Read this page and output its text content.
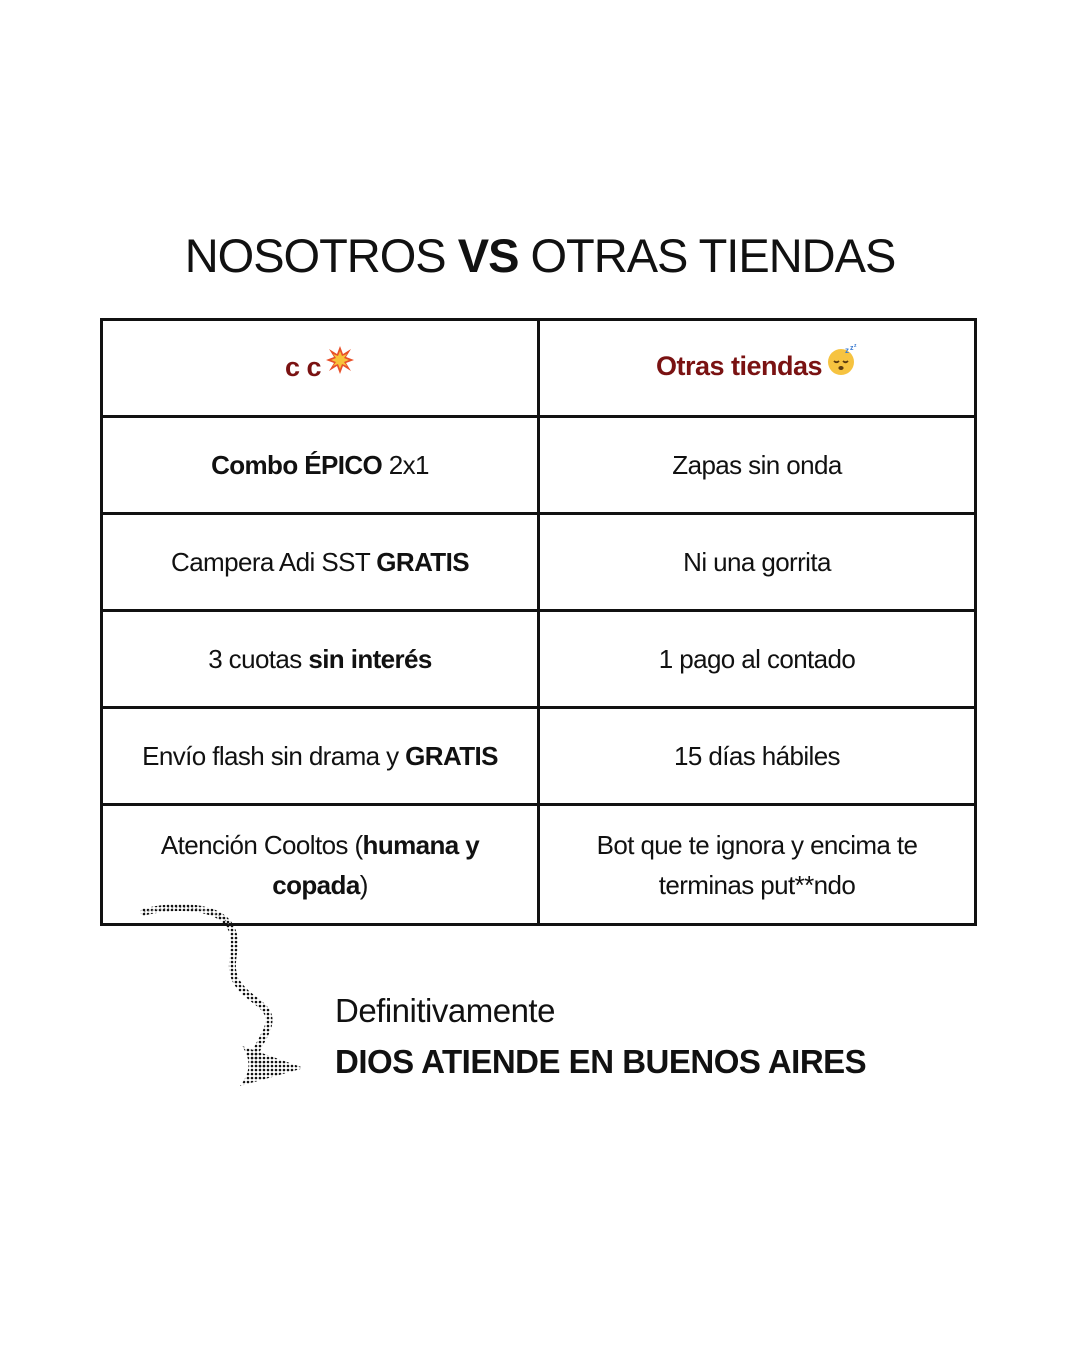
NOSOTROS VS OTRAS TIENDAS
c c	Otras tiendas
z z z

Combo ÉPICO 2x1	Zapas sin onda
Campera Adi SST GRATIS	Ni una gorrita
3 cuotas sin interés	1 pago al contado
Envío flash sin drama y GRATIS	15 días hábiles
Atención Cooltos (humana y copada)	Bot que te ignora y encima te terminas put**ndo
Definitivamente
DIOS ATIENDE EN BUENOS AIRES
